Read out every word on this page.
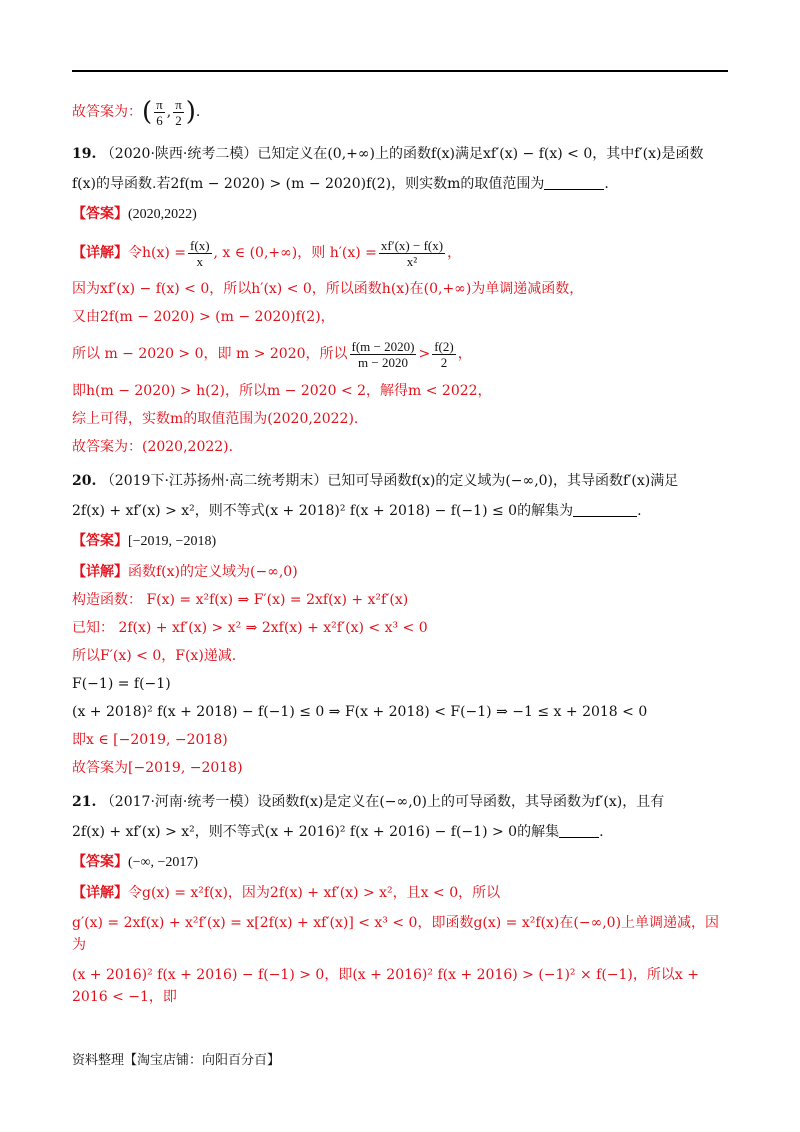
故答案为：( $\frac{\pi}{6}$ , $\frac{\pi}{2}$ ).

19. （2020·陕西·统考二模）已知定义在(0,+∞)上的函数f(x)满足xf′(x) − f(x) < 0，其中f′(x)是函数

f(x)的导函数.若2f(m − 2020) > (m − 2020)f(2)，则实数m的取值范围为	.

【答案】(2020,2022)

【详解】令$h(x) = \frac{f(x)}{x}$ , x ∈ (0,+∞)，则 $h'(x) = \frac{xf'(x) - f(x)}{\text{x²}}$ ，

因为xf′(x) − f(x) < 0，所以h′(x) < 0，所以函数h(x)在(0,+∞)为单调递减函数，

又由2f(m − 2020) > (m − 2020)f(2)，

所以 m − 2020 > 0，即 m > 2020，所以 $\frac{f(m - 2020)}{m - 2020} > \frac{f(2)}{2}$ ，

即h(m − 2020) > h(2)，所以m − 2020 < 2，解得m < 2022，

综上可得，实数m的取值范围为(2020,2022).

故答案为：(2020,2022).

20. （2019下·江苏扬州·高二统考期末）已知可导函数f(x)的定义域为(−∞,0)，其导函数f′(x)满足

2f(x) + xf′(x) > x²，则不等式(x + 2018)² f(x + 2018) − f(−1) ≤ 0的解集为	.

【答案】[−2019, −2018)

【详解】函数f(x)的定义域为(−∞,0)

构造函数： F(x) = x²f(x) ⇒ F′(x) = 2xf(x) + x²f′(x)

已知： 2f(x) + xf′(x) > x² ⇒ 2xf(x) + x²f′(x) < x³ < 0

所以F′(x) < 0，F(x)递减.

F(−1) = f(−1)

(x + 2018)² f(x + 2018) − f(−1) ≤ 0 ⇒ F(x + 2018) < F(−1) ⇒ −1 ≤ x + 2018 < 0

即x ∈ [−2019, −2018)

故答案为[−2019, −2018)

21. （2017·河南·统考一模）设函数f(x)是定义在(−∞,0)上的可导函数，其导函数为f′(x)，且有

2f(x) + xf′(x) > x²，则不等式(x + 2016)² f(x + 2016) − f(−1) > 0的解集	.

【答案】(−∞, −2017)

【详解】令g(x) = x²f(x)，因为2f(x) + xf′(x) > x²，且x < 0，所以

g′(x) = 2xf(x) + x²f′(x) = x[2f(x) + xf′(x)] < x³ < 0，即函数g(x) = x²f(x)在(−∞,0)上单调递减，因为

(x + 2016)² f(x + 2016) − f(−1) > 0，即(x + 2016)² f(x + 2016) > (−1)² × f(−1)，所以x + 2016 < −1，即

资料整理【淘宝店铺：向阳百分百】
